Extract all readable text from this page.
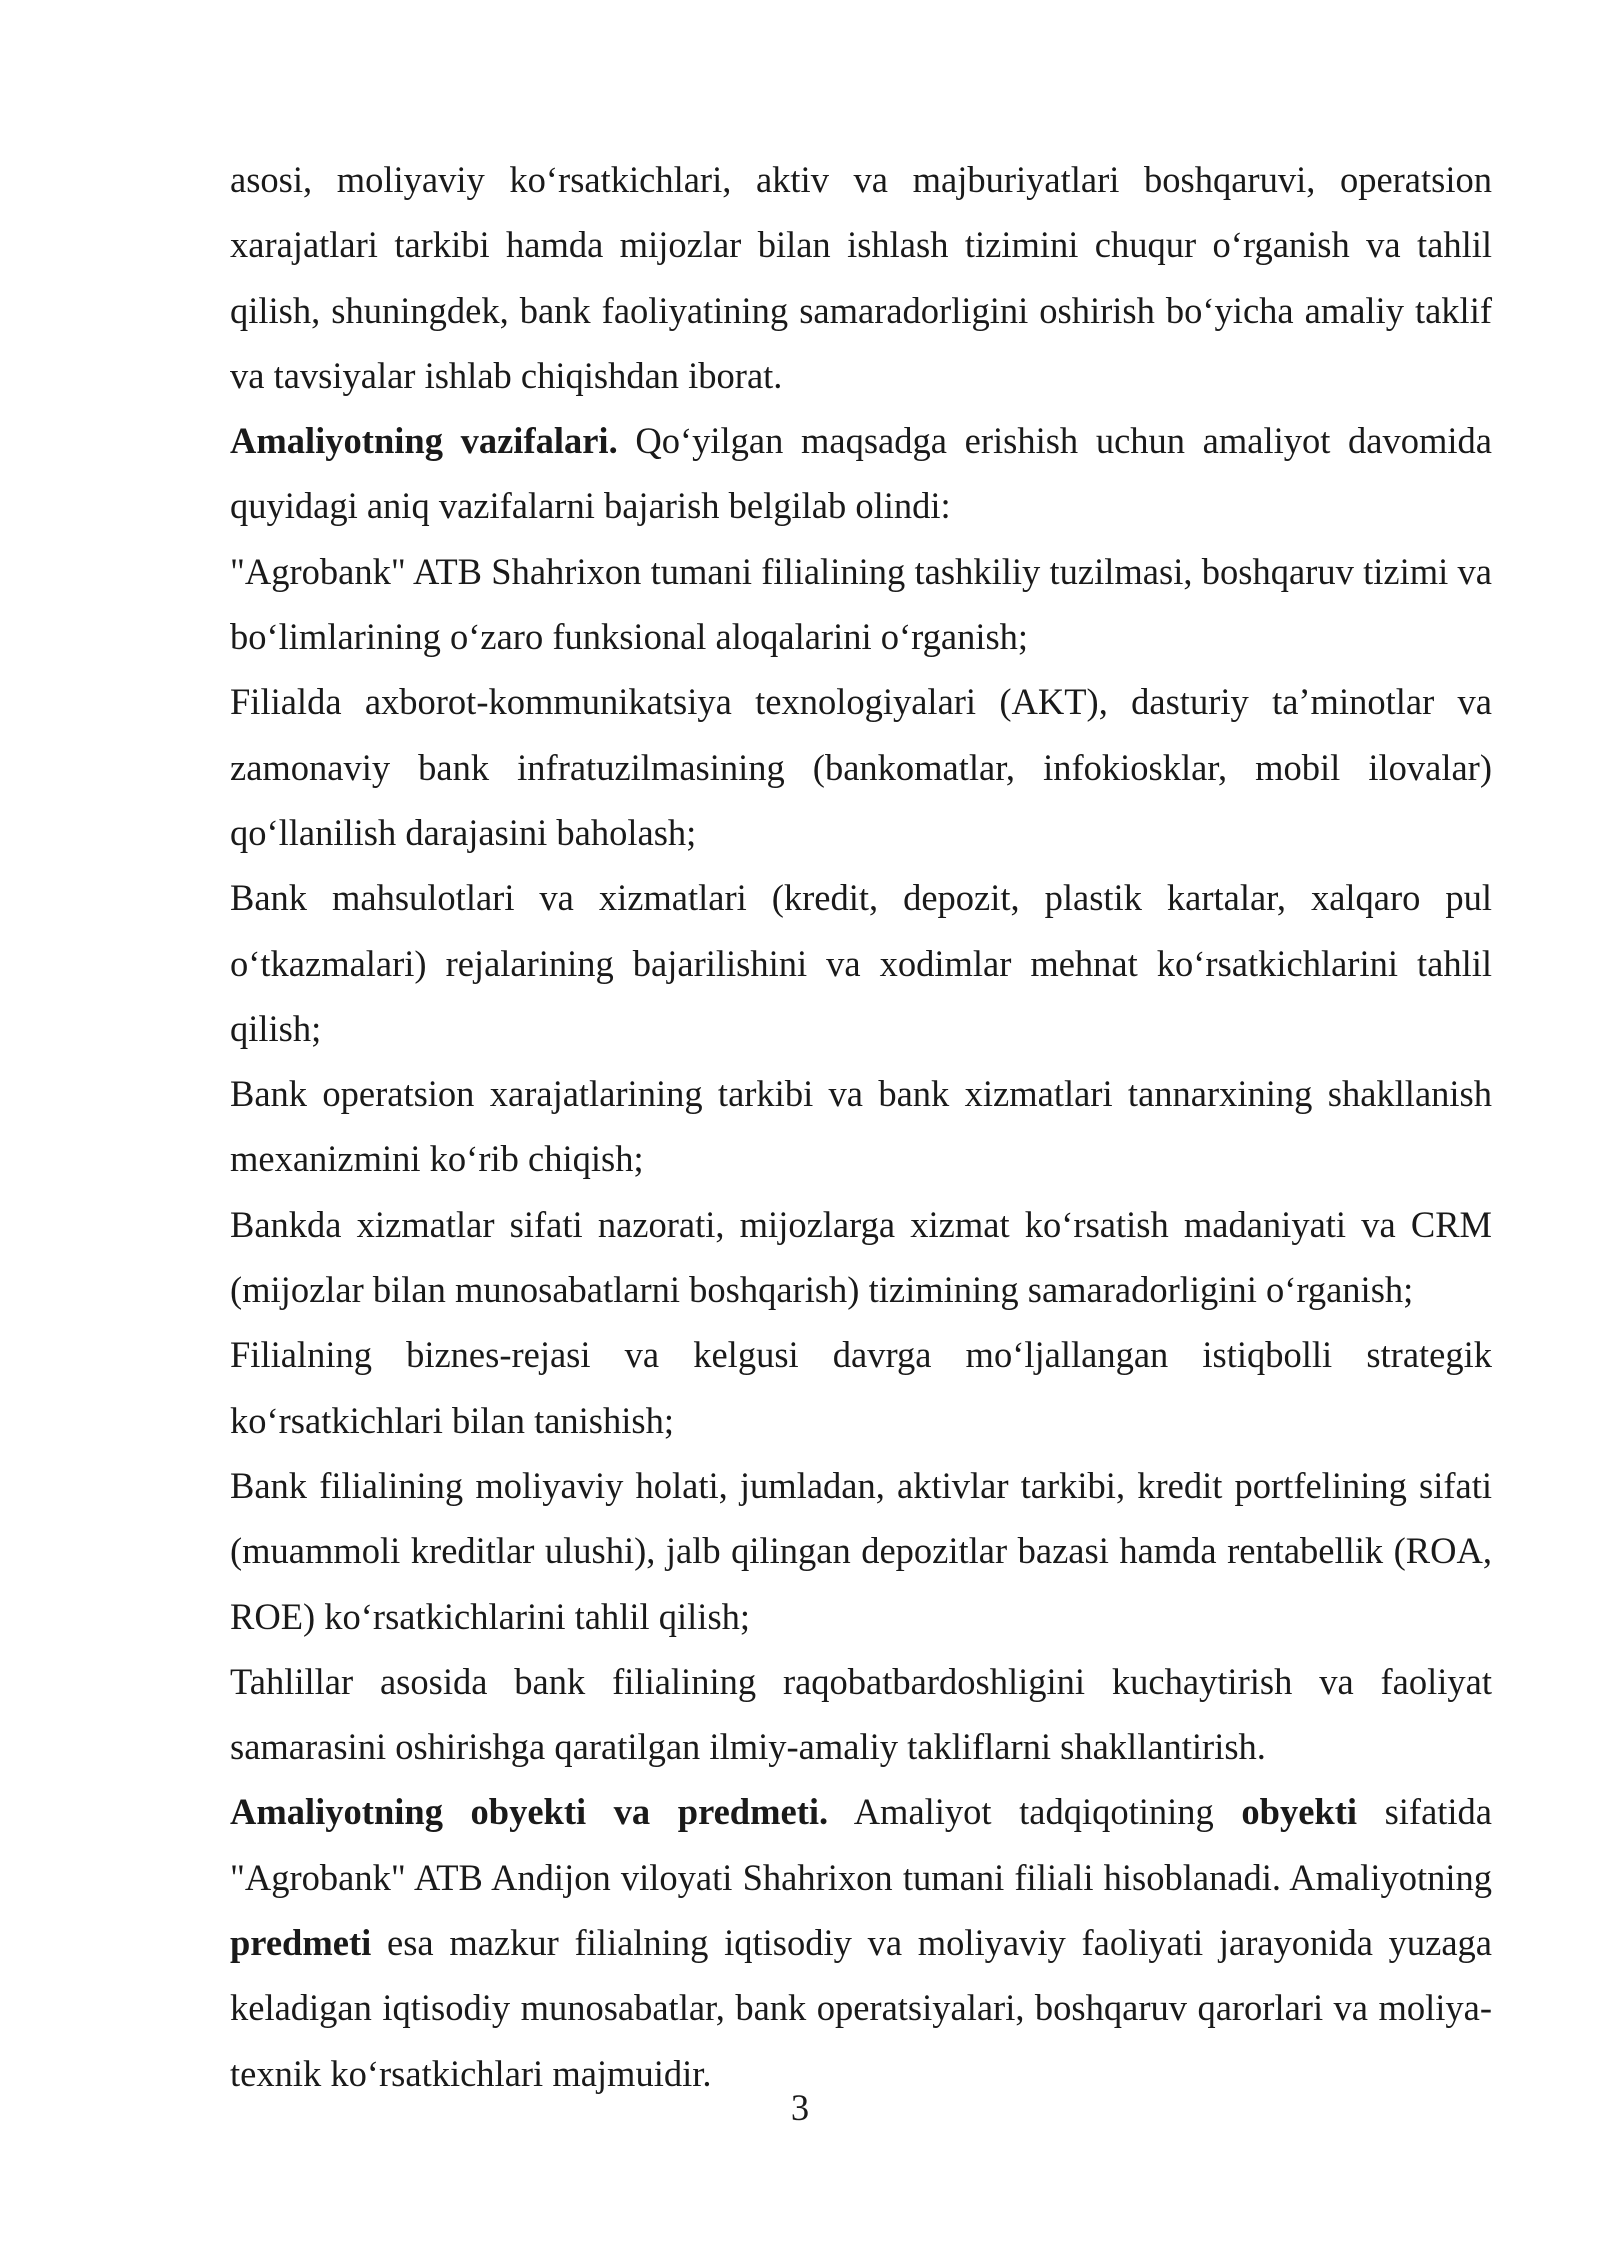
asosi, moliyaviy koʻrsatkichlari, aktiv va majburiyatlari boshqaruvi, operatsion xarajatlari tarkibi hamda mijozlar bilan ishlash tizimini chuqur oʻrganish va tahlil qilish, shuningdek, bank faoliyatining samaradorligini oshirish boʻyicha amaliy taklif va tavsiyalar ishlab chiqishdan iborat.

Amaliyotning vazifalari. Qoʻyilgan maqsadga erishish uchun amaliyot davomida quyidagi aniq vazifalarni bajarish belgilab olindi:

"Agrobank" ATB Shahrixon tumani filialining tashkiliy tuzilmasi, boshqaruv tizimi va boʻlimlarining oʻzaro funksional aloqalarini oʻrganish;

Filialda axborot-kommunikatsiya texnologiyalari (AKT), dasturiy ta’minotlar va zamonaviy bank infratuzilmasining (bankomatlar, infokiosklar, mobil ilovalar) qoʻllanilish darajasini baholash;

Bank mahsulotlari va xizmatlari (kredit, depozit, plastik kartalar, xalqaro pul oʻtkazmalari) rejalarining bajarilishini va xodimlar mehnat koʻrsatkichlarini tahlil qilish;

Bank operatsion xarajatlarining tarkibi va bank xizmatlari tannarxining shakllanish mexanizmini koʻrib chiqish;

Bankda xizmatlar sifati nazorati, mijozlarga xizmat koʻrsatish madaniyati va CRM (mijozlar bilan munosabatlarni boshqarish) tizimining samaradorligini oʻrganish;

Filialning biznes-rejasi va kelgusi davrga moʻljallangan istiqbolli strategik koʻrsatkichlari bilan tanishish;

Bank filialining moliyaviy holati, jumladan, aktivlar tarkibi, kredit portfelining sifati (muammoli kreditlar ulushi), jalb qilingan depozitlar bazasi hamda rentabellik (ROA, ROE) koʻrsatkichlarini tahlil qilish;

Tahlillar asosida bank filialining raqobatbardoshligini kuchaytirish va faoliyat samarasini oshirishga qaratilgan ilmiy-amaliy takliflarni shakllantirish.

Amaliyotning obyekti va predmeti. Amaliyot tadqiqotining obyekti sifatida "Agrobank" ATB Andijon viloyati Shahrixon tumani filiali hisoblanadi. Amaliyotning predmeti esa mazkur filialning iqtisodiy va moliyaviy faoliyati jarayonida yuzaga keladigan iqtisodiy munosabatlar, bank operatsiyalari, boshqaruv qarorlari va moliya-texnik koʻrsatkichlari majmuidir.

3
